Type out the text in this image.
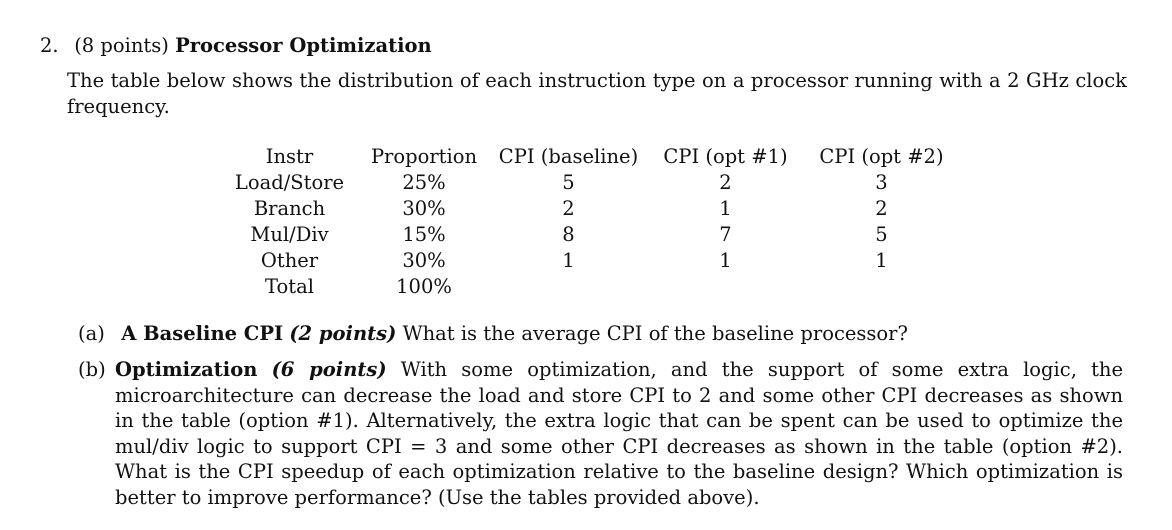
2. (8 points) Processor Optimization
The table below shows the distribution of each instruction type on a processor running with a 2 GHz clock frequency.
Instr	Proportion	CPI (baseline)	CPI (opt #1)	CPI (opt #2)
Load/Store	25%	5	2	3
Branch	30%	2	1	2
Mul/Div	15%	8	7	5
Other	30%	1	1	1
Total	100%			
(a) A Baseline CPI (2 points) What is the average CPI of the baseline processor?
(b) Optimization (6 points) With some optimization, and the support of some extra logic, the microarchitecture can decrease the load and store CPI to 2 and some other CPI decreases as shown in the table (option #1). Alternatively, the extra logic that can be spent can be used to optimize the mul/div logic to support CPI = 3 and some other CPI decreases as shown in the table (option #2). What is the CPI speedup of each optimization relative to the baseline design? Which optimization is better to improve performance? (Use the tables provided above).
